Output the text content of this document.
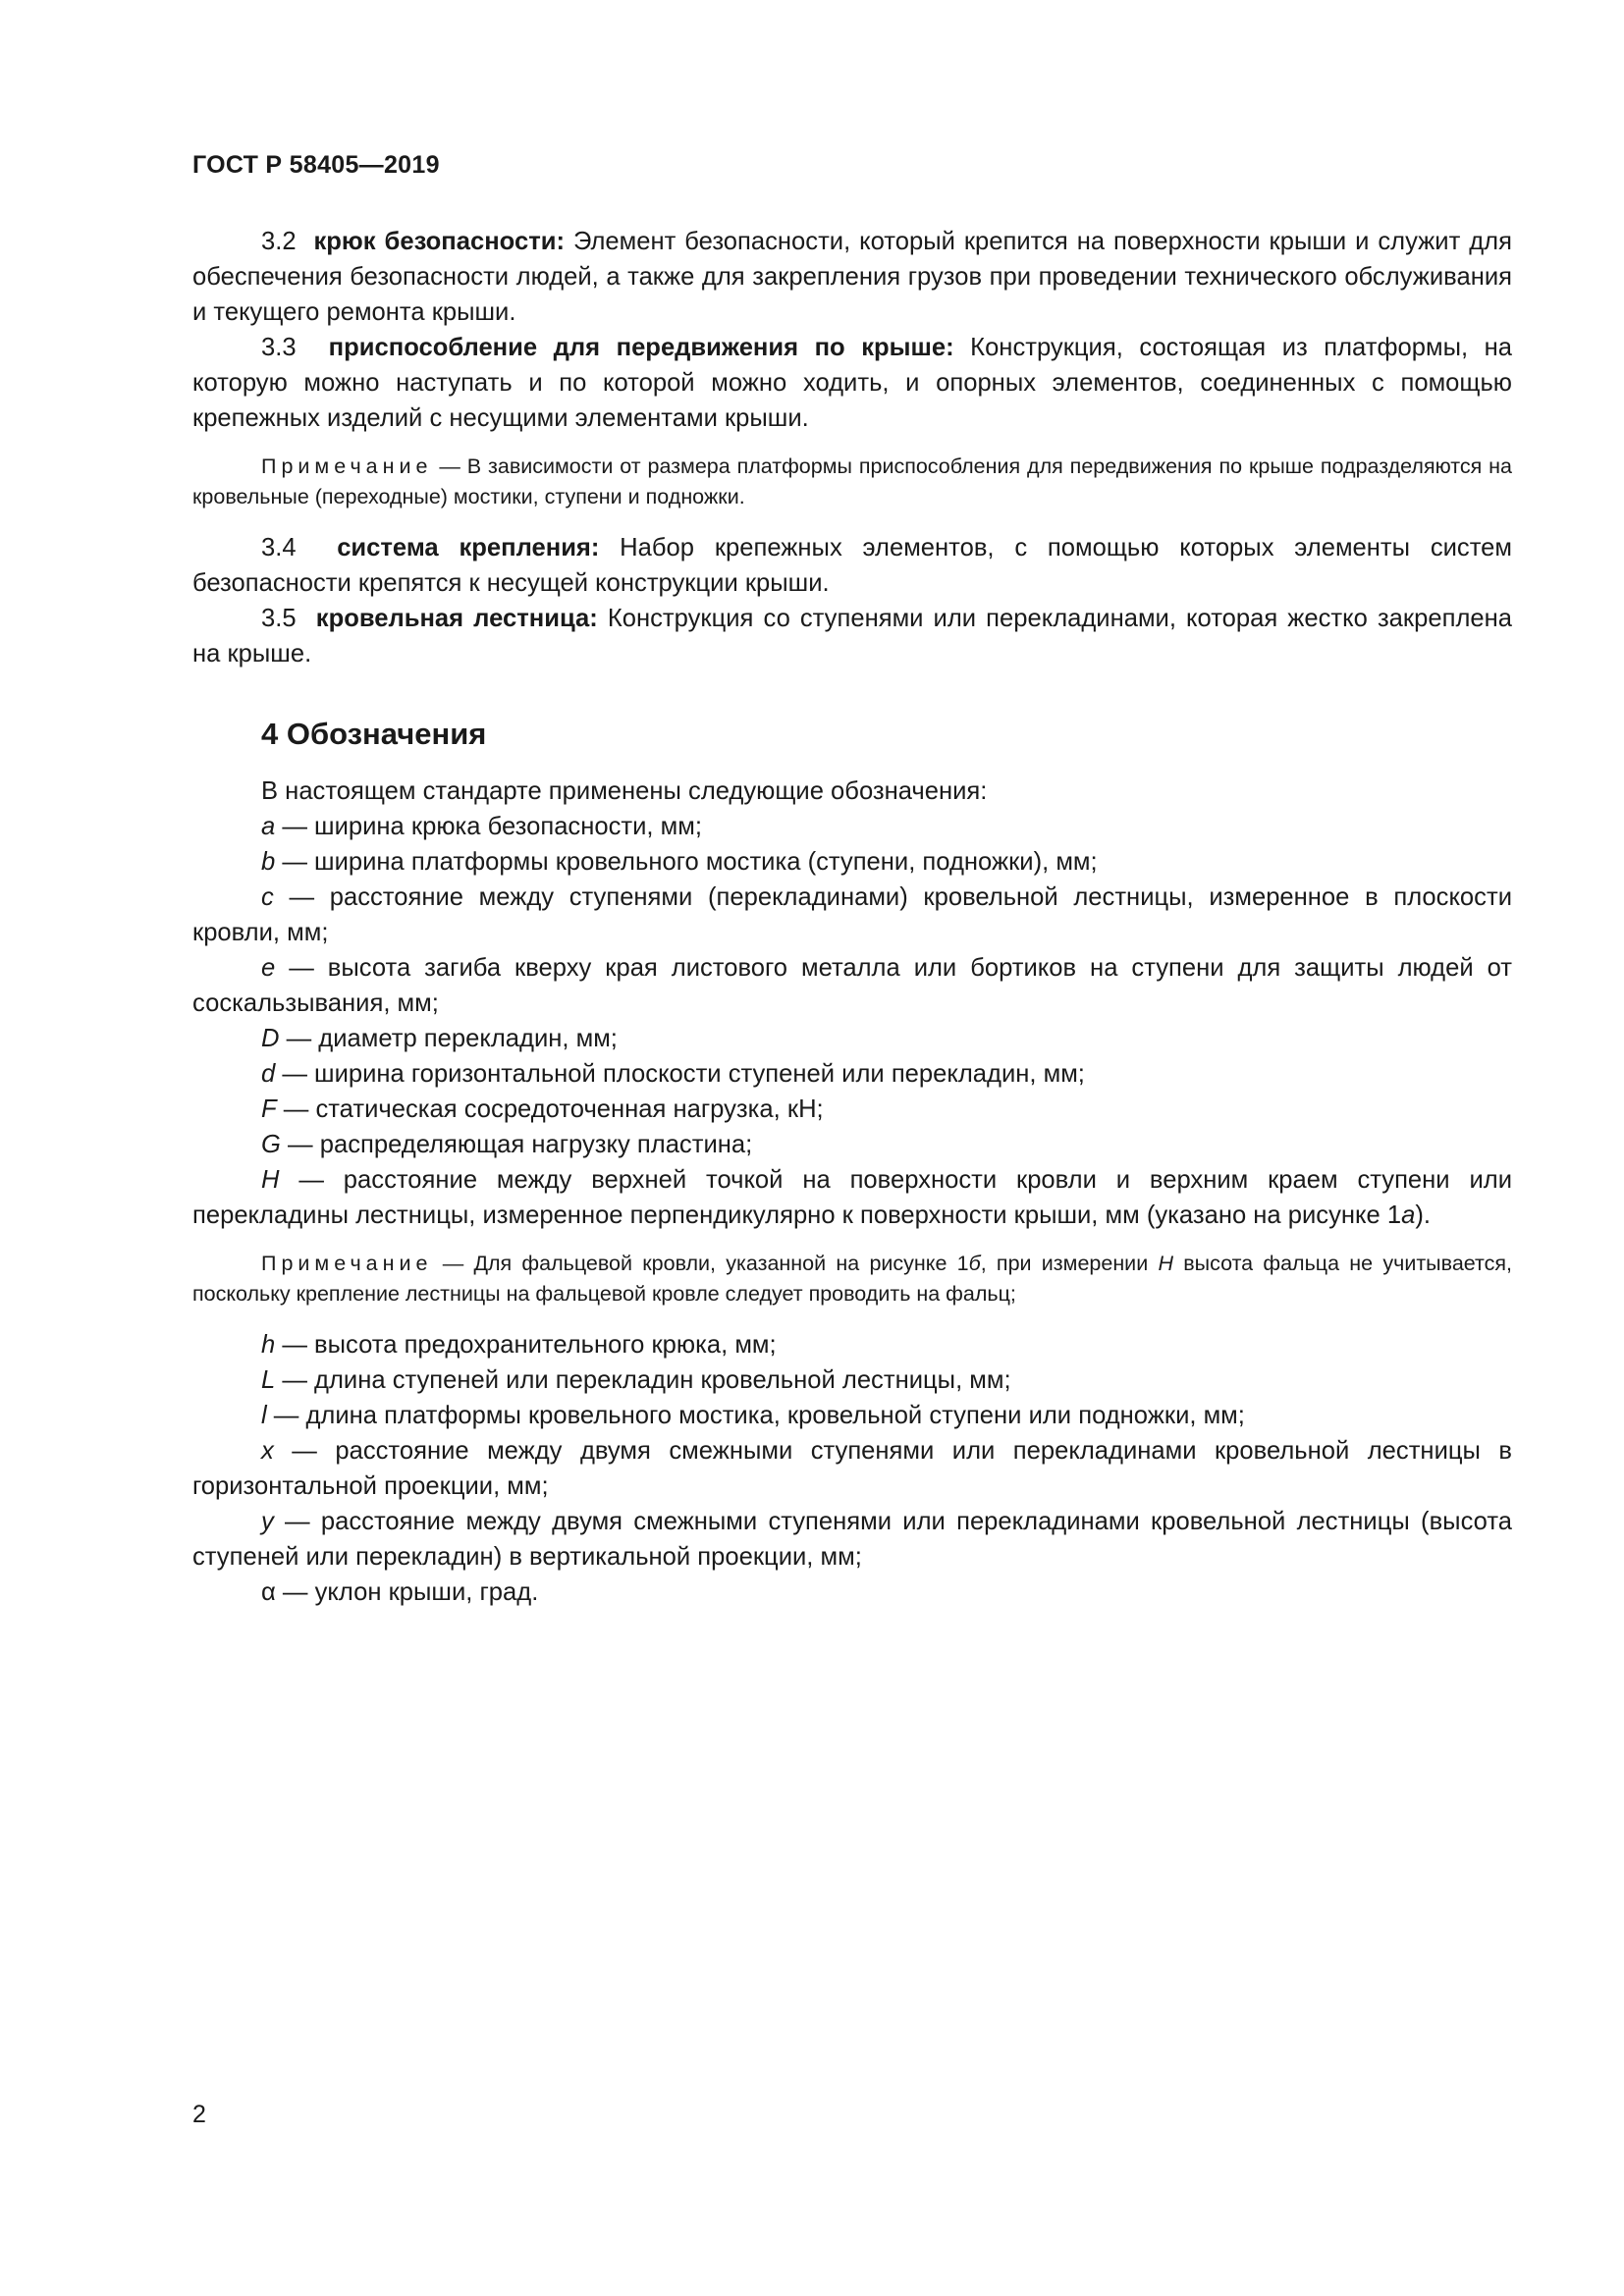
ГОСТ Р 58405—2019

3.2 крюк безопасности: Элемент безопасности, который крепится на поверхности крыши и служит для обеспечения безопасности людей, а также для закрепления грузов при проведении технического обслуживания и текущего ремонта крыши.

3.3 приспособление для передвижения по крыше: Конструкция, состоящая из платформы, на которую можно наступать и по которой можно ходить, и опорных элементов, соединенных с помощью крепежных изделий с несущими элементами крыши.

Примечание — В зависимости от размера платформы приспособления для передвижения по крыше подразделяются на кровельные (переходные) мостики, ступени и подножки.

3.4 система крепления: Набор крепежных элементов, с помощью которых элементы систем безопасности крепятся к несущей конструкции крыши.

3.5 кровельная лестница: Конструкция со ступенями или перекладинами, которая жестко закреплена на крыше.

4 Обозначения

В настоящем стандарте применены следующие обозначения:

a — ширина крюка безопасности, мм;

b — ширина платформы кровельного мостика (ступени, подножки), мм;

c — расстояние между ступенями (перекладинами) кровельной лестницы, измеренное в плоскости кровли, мм;

e — высота загиба кверху края листового металла или бортиков на ступени для защиты людей от соскальзывания, мм;

D — диаметр перекладин, мм;

d — ширина горизонтальной плоскости ступеней или перекладин, мм;

F — статическая сосредоточенная нагрузка, кН;

G — распределяющая нагрузку пластина;

H — расстояние между верхней точкой на поверхности кровли и верхним краем ступени или перекладины лестницы, измеренное перпендикулярно к поверхности крыши, мм (указано на рисунке 1а).

Примечание — Для фальцевой кровли, указанной на рисунке 1б, при измерении H высота фальца не учитывается, поскольку крепление лестницы на фальцевой кровле следует проводить на фальц;

h — высота предохранительного крюка, мм;

L — длина ступеней или перекладин кровельной лестницы, мм;

l — длина платформы кровельного мостика, кровельной ступени или подножки, мм;

x — расстояние между двумя смежными ступенями или перекладинами кровельной лестницы в горизонтальной проекции, мм;

y — расстояние между двумя смежными ступенями или перекладинами кровельной лестницы (высота ступеней или перекладин) в вертикальной проекции, мм;

α — уклон крыши, град.

2
